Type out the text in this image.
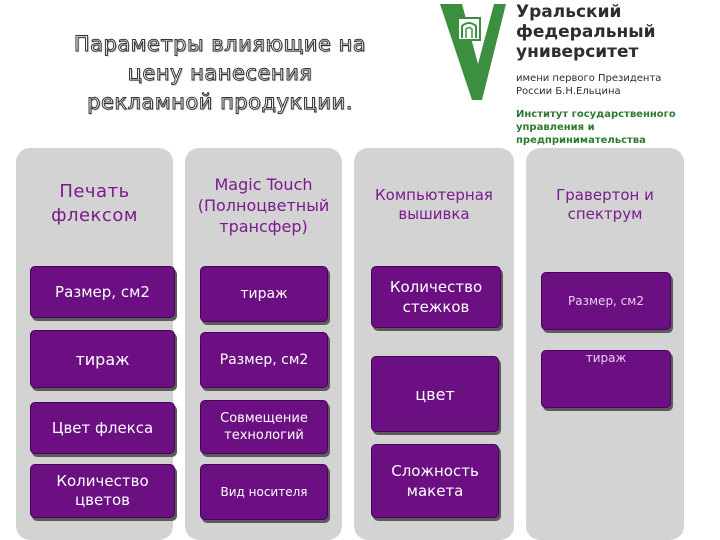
Параметры влияющие на
цену нанесения
рекламной продукции.
Уральский
федеральный
университет
имени первого Президента
России Б.Н.Ельцина
Институт государственного
управления и предпринимательства
Печать флексом
Размер, см2
тираж
Цвет флекса
Количество цветов
Magic Touch (Полноцветный трансфер)
тираж
Размер, см2
Совмещение технологий
Вид носителя
Компьютерная вышивка
Количество стежков
цвет
Сложность макета
Гравертон и спектрум
Размер, см2
тираж
